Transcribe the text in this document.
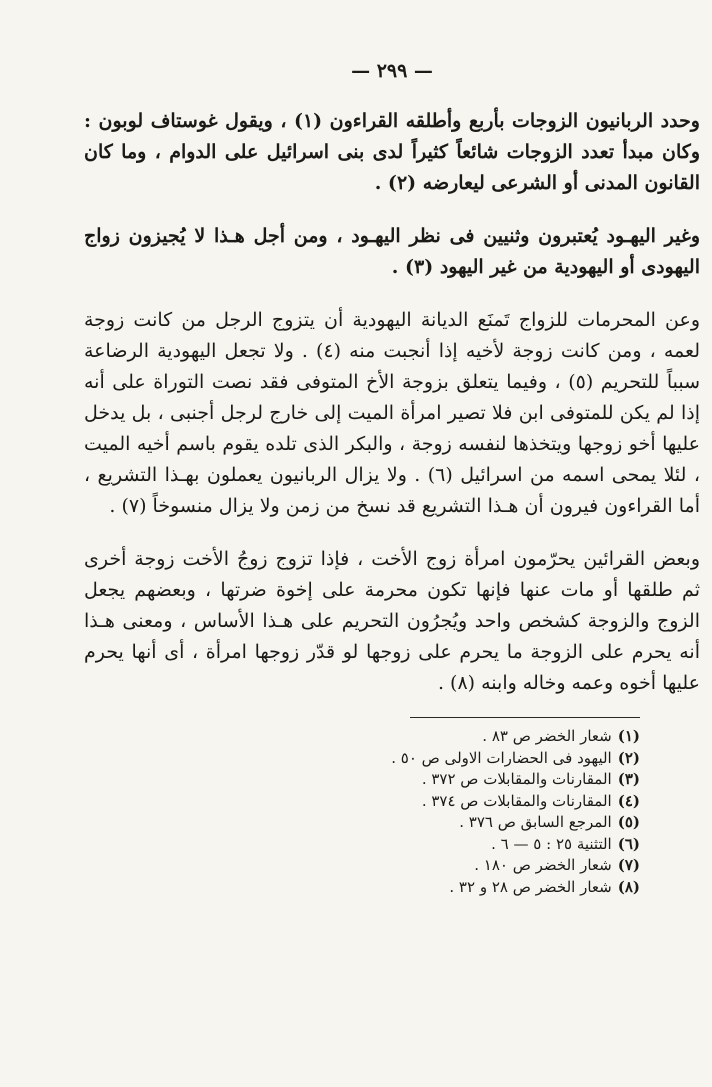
— ٢٩٩ —

وحدد الربانيون الزوجات بأربع وأطلقه القراءون (١) ، ويقول غوستاف لوبون : وكان مبدأ تعدد الزوجات شائعاً كثيراً لدى بنى اسرائيل على الدوام ، وما كان القانون المدنى أو الشرعى ليعارضه (٢) .

وغير اليهـود يُعتبرون وثنيين فى نظر اليهـود ، ومن أجل هـذا لا يُجيزون زواج اليهودى أو اليهودية من غير اليهود (٣) .

وعن المحرمات للزواج تَمنَع الديانة اليهودية أن يتزوج الرجل من كانت زوجة لعمه ، ومن كانت زوجة لأخيه إذا أنجبت منه (٤) . ولا تجعل اليهودية الرضاعة سبباً للتحريم (٥) ، وفيما يتعلق بزوجة الأخ المتوفى فقد نصت التوراة على أنه إذا لم يكن للمتوفى ابن فلا تصير امرأة الميت إلى خارج لرجل أجنبى ، بل يدخل عليها أخو زوجها ويتخذها لنفسه زوجة ، والبكر الذى تلده يقوم باسم أخيه الميت ، لئلا يمحى اسمه من اسرائيل (٦) . ولا يزال الربانيون يعملون بهـذا التشريع ، أما القراءون فيرون أن هـذا التشريع قد نسخ من زمن ولا يزال منسوخاً (٧) .

وبعض القرائين يحرّمون امرأة زوج الأخت ، فإذا تزوج زوجُ الأخت زوجة أخرى ثم طلقها أو مات عنها فإنها تكون محرمة على إخوة ضرتها ، وبعضهم يجعل الزوج والزوجة كشخص واحد ويُجرُون التحريم على هـذا الأساس ، ومعنى هـذا أنه يحرم على الزوجة ما يحرم على زوجها لو قدّر زوجها امرأة ، أى أنها يحرم عليها أخوه وعمه وخاله وابنه (٨) .

(١)شعار الخضر ص ٨٣ .
(٢)اليهود فى الحضارات الاولى ص ٥٠ .
(٣)المقارنات والمقابلات ص ٣٧٢ .
(٤)المقارنات والمقابلات ص ٣٧٤ .
(٥)المرجع السابق ص ٣٧٦ .
(٦)التثنية ٢٥ : ٥ — ٦ .
(٧)شعار الخضر ص ١٨٠ .
(٨)شعار الخضر ص ٢٨ و ٣٢ .
